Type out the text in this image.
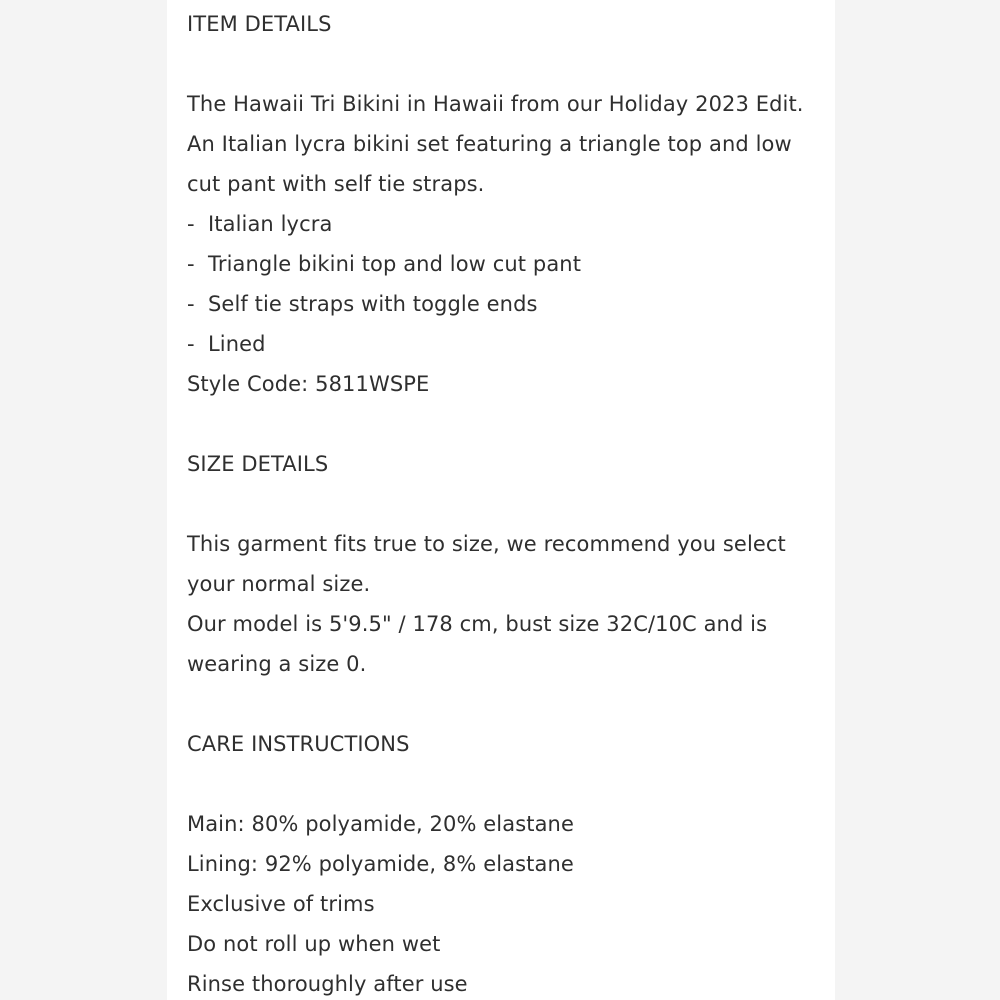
ITEM DETAILS
The Hawaii Tri Bikini in Hawaii from our Holiday 2023 Edit.
An Italian lycra bikini set featuring a triangle top and low
cut pant with self tie straps.
- Italian lycra
- Triangle bikini top and low cut pant
- Self tie straps with toggle ends
- Lined
Style Code: 5811WSPE
SIZE DETAILS
This garment fits true to size, we recommend you select
your normal size.
Our model is 5'9.5" / 178 cm, bust size 32C/10C and is
wearing a size 0.
CARE INSTRUCTIONS
Main: 80% polyamide, 20% elastane
Lining: 92% polyamide, 8% elastane
Exclusive of trims
Do not roll up when wet
Rinse thoroughly after use
